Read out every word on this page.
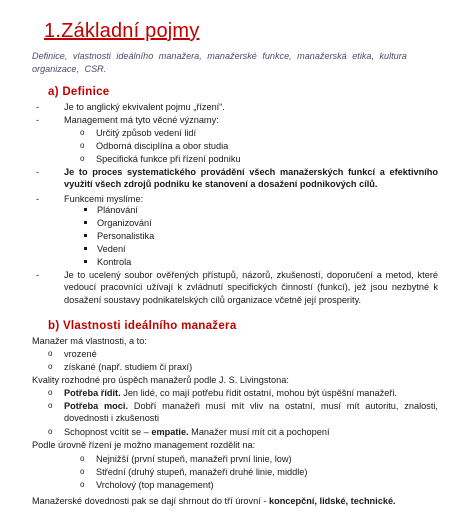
1.Základní pojmy
Definice, vlastnosti ideálního manažera, manažerské funkce, manažerská etika, kultura organizace, CSR.
a) Definice
-	Je to anglický ekvivalent pojmu „řízení“.
-	Management má tyto věcné významy:
o Určitý způsob vedení lidí
o Odborná disciplína a obor studia
o Specifická funkce při řízení podniku
-	Je to proces systematického provádění všech manažerských funkcí a efektivního využití všech zdrojů podniku ke stanovení a dosažení podnikových cílů.
-	Funkcemi myslíme:
Plánování
Organizování
Personalistika
Vedení
Kontrola
-	Je to ucelený soubor ověřených přístupů, názorů, zkušeností, doporučení a metod, které vedoucí pracovníci užívají k zvládnutí specifických činností (funkcí), jež jsou nezbytné k dosažení soustavy podnikatelských cílů organizace včetně její prosperity.
b) Vlastnosti ideálního manažera
Manažer má vlastnosti, a to:
o vrozené
o získané (např. studiem či praxí)
Kvality rozhodné pro úspěch manažerů podle J. S. Livingstona:
o Potřeba řídit. Jen lidé, co mají potřebu řídit ostatní, mohou být úspěšní manažeři.
o Potřeba moci. Dobří manažeři musí mít vliv na ostatní, musí mít autoritu, znalosti, dovednosti i zkušenosti
o Schopnost vcítit se – empatie. Manažer musí mít cit a pochopení
Podle úrovně řízení je možno management rozdělit na:
o Nejnižší (první stupeň, manažeři první linie, low)
o Střední (druhý stupeň, manažeři druhé linie, middle)
o Vrcholový (top management)
Manažerské dovednosti pak se dají shrnout do tří úrovní - koncepční, lidské, technické.
